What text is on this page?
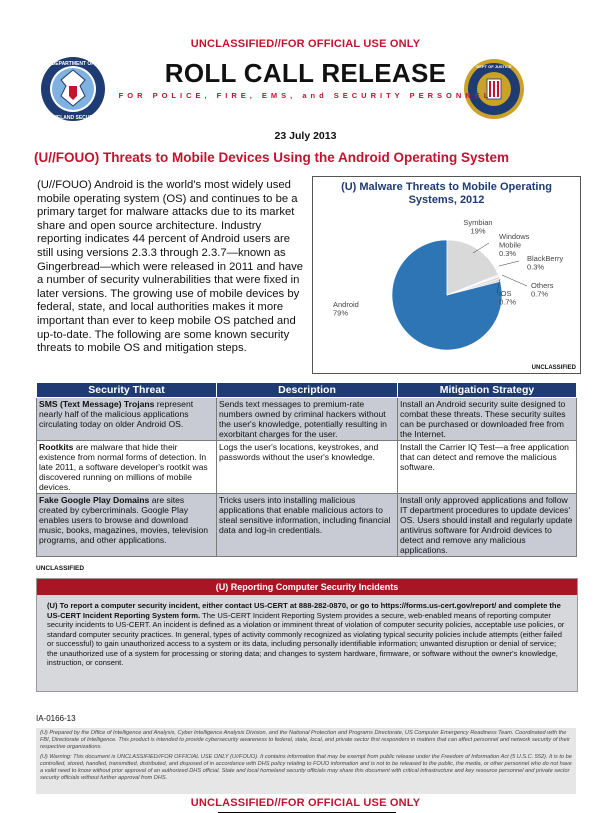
UNCLASSIFIED//FOR OFFICIAL USE ONLY
DEPARTMENT OF
HOMELAND SECURITY
DEPT OF JUSTICE
ROLL CALL RELEASE
FOR POLICE, FIRE, EMS, and SECURITY PERSONNEL
23 July 2013
(U//FOUO) Threats to Mobile Devices Using the Android Operating System
(U//FOUO) Android is the world's most widely used mobile operating system (OS) and continues to be a primary target for malware attacks due to its market share and open source architecture. Industry reporting indicates 44 percent of Android users are still using versions 2.3.3 through 2.3.7—known as Gingerbread—which were released in 2011 and have a number of security vulnerabilities that were fixed in later versions. The growing use of mobile devices by federal, state, and local authorities makes it more important than ever to keep mobile OS patched and up-to-date. The following are some known security threats to mobile OS and mitigation steps.
(U) Malware Threats to Mobile Operating Systems, 2012
Android 79%
Symbian 19%
Windows Mobile 0.3%
BlackBerry 0.3%
Others 0.7%
iOS 0.7%
UNCLASSIFIED
Security Threat	Description	Mitigation Strategy
SMS (Text Message) Trojans represent nearly half of the malicious applications circulating today on older Android OS.	Sends text messages to premium-rate numbers owned by criminal hackers without the user's knowledge, potentially resulting in exorbitant charges for the user.	Install an Android security suite designed to combat these threats. These security suites can be purchased or downloaded free from the Internet.
Rootkits are malware that hide their existence from normal forms of detection. In late 2011, a software developer's rootkit was discovered running on millions of mobile devices.	Logs the user's locations, keystrokes, and passwords without the user's knowledge.	Install the Carrier IQ Test—a free application that can detect and remove the malicious software.
Fake Google Play Domains are sites created by cybercriminals. Google Play enables users to browse and download music, books, magazines, movies, television programs, and other applications.	Tricks users into installing malicious applications that enable malicious actors to steal sensitive information, including financial data and log-in credentials.	Install only approved applications and follow IT department procedures to update devices' OS. Users should install and regularly update antivirus software for Android devices to detect and remove any malicious applications.
UNCLASSIFIED
(U) Reporting Computer Security Incidents
(U) To report a computer security incident, either contact US-CERT at 888-282-0870, or go to https://forms.us-cert.gov/report/ and complete the US-CERT Incident Reporting System form. The US-CERT Incident Reporting System provides a secure, web-enabled means of reporting computer security incidents to US-CERT. An incident is defined as a violation or imminent threat of violation of computer security policies, acceptable use policies, or standard computer security practices. In general, types of activity commonly recognized as violating typical security policies include attempts (either failed or successful) to gain unauthorized access to a system or its data, including personally identifiable information; unwanted disruption or denial of service; the unauthorized use of a system for processing or storing data; and changes to system hardware, firmware, or software without the owner's knowledge, instruction, or consent.
IA-0166-13

(U) Prepared by the Office of Intelligence and Analysis, Cyber Intelligence Analysis Division, and the National Protection and Programs Directorate, US Computer Emergency Readiness Team. Coordinated with the FBI, Directorate of Intelligence. This product is intended to provide cybersecurity awareness to federal, state, local, and private sector first responders in matters that can affect personnel and network security of their respective organizations.

(U) Warning: This document is UNCLASSIFIED//FOR OFFICIAL USE ONLY (U//FOUO). It contains information that may be exempt from public release under the Freedom of Information Act (5 U.S.C. 552). It is to be controlled, stored, handled, transmitted, distributed, and disposed of in accordance with DHS policy relating to FOUO information and is not to be released to the public, the media, or other personnel who do not have a valid need to know without prior approval of an authorized DHS official. State and local homeland security officials may share this document with critical infrastructure and key resource personnel and private sector security officials without further approval from DHS.

UNCLASSIFIED//FOR OFFICIAL USE ONLY
